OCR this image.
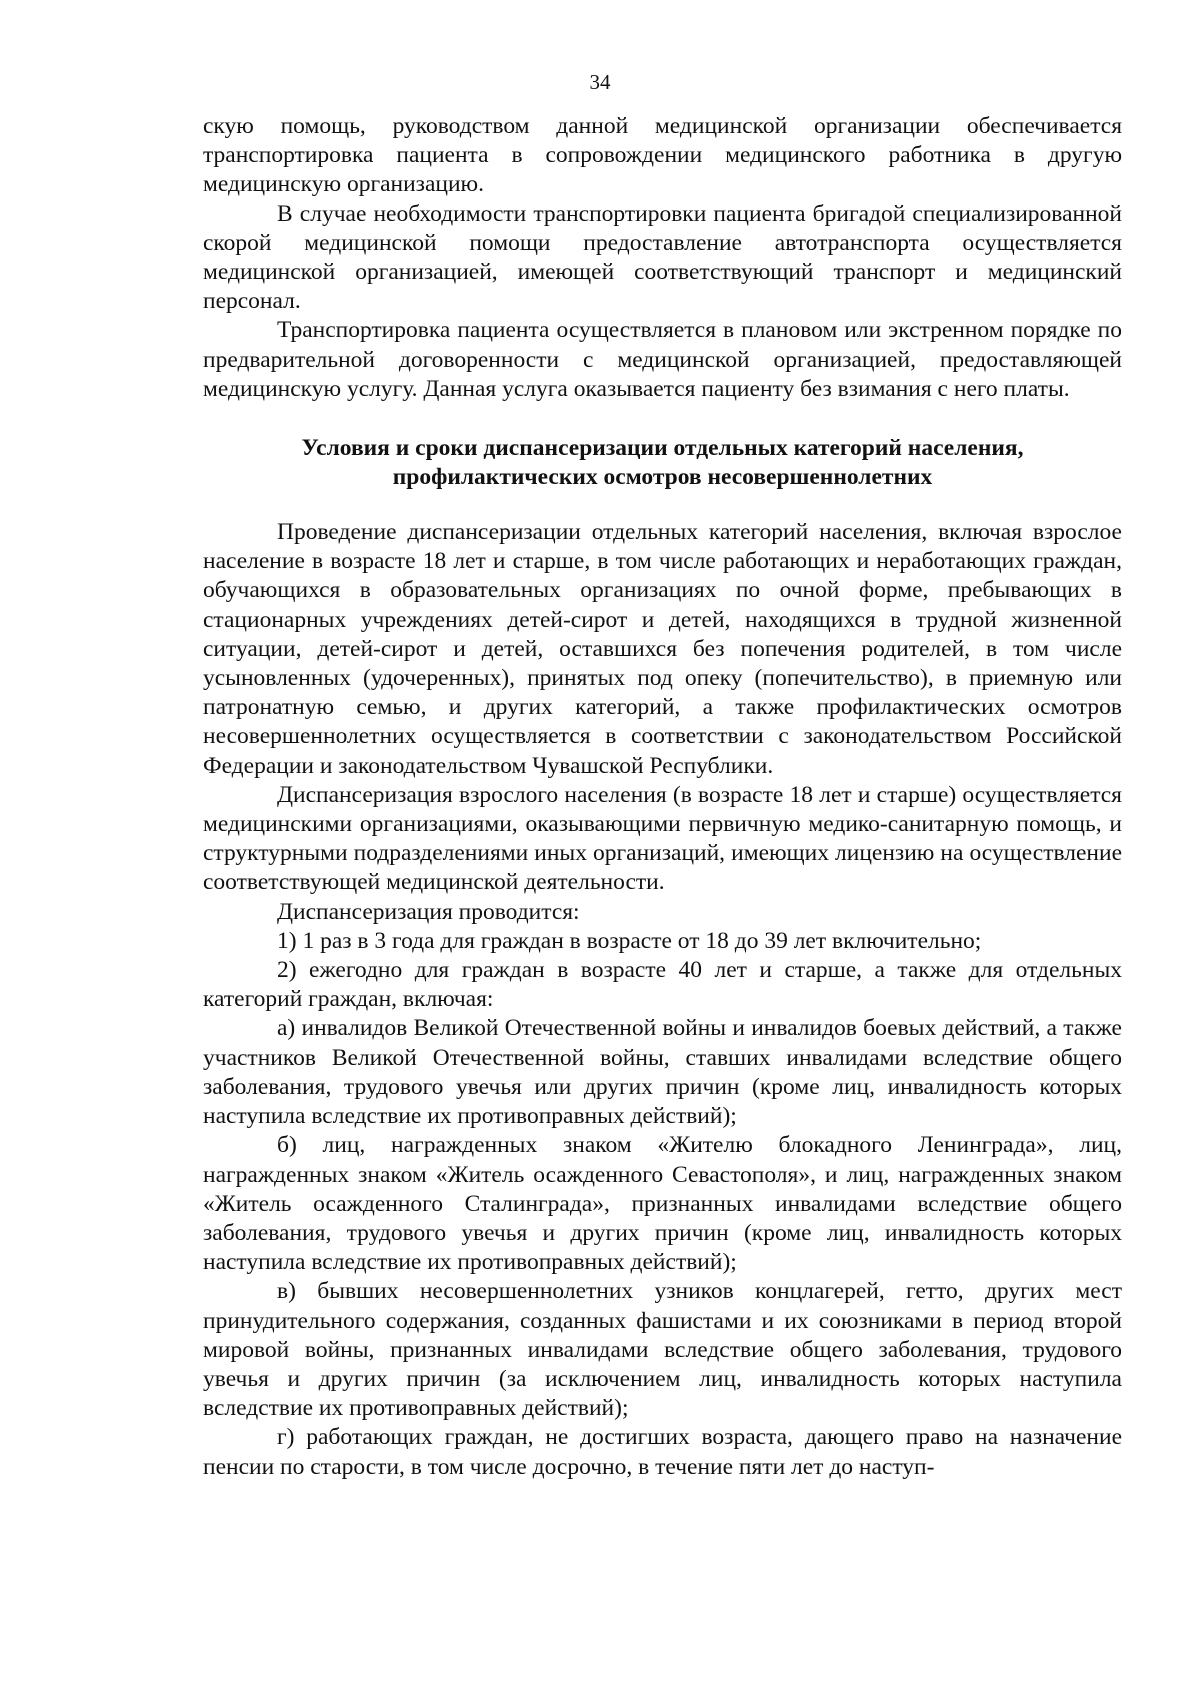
34

скую помощь, руководством данной медицинской организации обеспечивается транспортировка пациента в сопровождении медицинского работника в другую медицинскую организацию.

В случае необходимости транспортировки пациента бригадой специализированной скорой медицинской помощи предоставление автотранспорта осуществляется медицинской организацией, имеющей соответствующий транспорт и медицинский персонал.

Транспортировка пациента осуществляется в плановом или экстренном порядке по предварительной договоренности с медицинской организацией, предоставляющей медицинскую услугу. Данная услуга оказывается пациенту без взимания с него платы.

Условия и сроки диспансеризации отдельных категорий населения,
профилактических осмотров несовершеннолетних

Проведение диспансеризации отдельных категорий населения, включая взрослое население в возрасте 18 лет и старше, в том числе работающих и неработающих граждан, обучающихся в образовательных организациях по очной форме, пребывающих в стационарных учреждениях детей-сирот и детей, находящихся в трудной жизненной ситуации, детей-сирот и детей, оставшихся без попечения родителей, в том числе усыновленных (удочеренных), принятых под опеку (попечительство), в приемную или патронатную семью, и других категорий, а также профилактических осмотров несовершеннолетних осуществляется в соответствии с законодательством Российской Федерации и законодательством Чувашской Республики.

Диспансеризация взрослого населения (в возрасте 18 лет и старше) осуществляется медицинскими организациями, оказывающими первичную медико-санитарную помощь, и структурными подразделениями иных организаций, имеющих лицензию на осуществление соответствующей медицинской деятельности.

Диспансеризация проводится:

1) 1 раз в 3 года для граждан в возрасте от 18 до 39 лет включительно;

2) ежегодно для граждан в возрасте 40 лет и старше, а также для отдельных категорий граждан, включая:

а) инвалидов Великой Отечественной войны и инвалидов боевых действий, а также участников Великой Отечественной войны, ставших инвалидами вследствие общего заболевания, трудового увечья или других причин (кроме лиц, инвалидность которых наступила вследствие их противоправных действий);

б) лиц, награжденных знаком «Жителю блокадного Ленинграда», лиц, награжденных знаком «Житель осажденного Севастополя», и лиц, награжденных знаком «Житель осажденного Сталинграда», признанных инвалидами вследствие общего заболевания, трудового увечья и других причин (кроме лиц, инвалидность которых наступила вследствие их противоправных действий);

в) бывших несовершеннолетних узников концлагерей, гетто, других мест принудительного содержания, созданных фашистами и их союзниками в период второй мировой войны, признанных инвалидами вследствие общего заболевания, трудового увечья и других причин (за исключением лиц, инвалидность которых наступила вследствие их противоправных действий);

г) работающих граждан, не достигших возраста, дающего право на назначение пенсии по старости, в том числе досрочно, в течение пяти лет до наступ-
